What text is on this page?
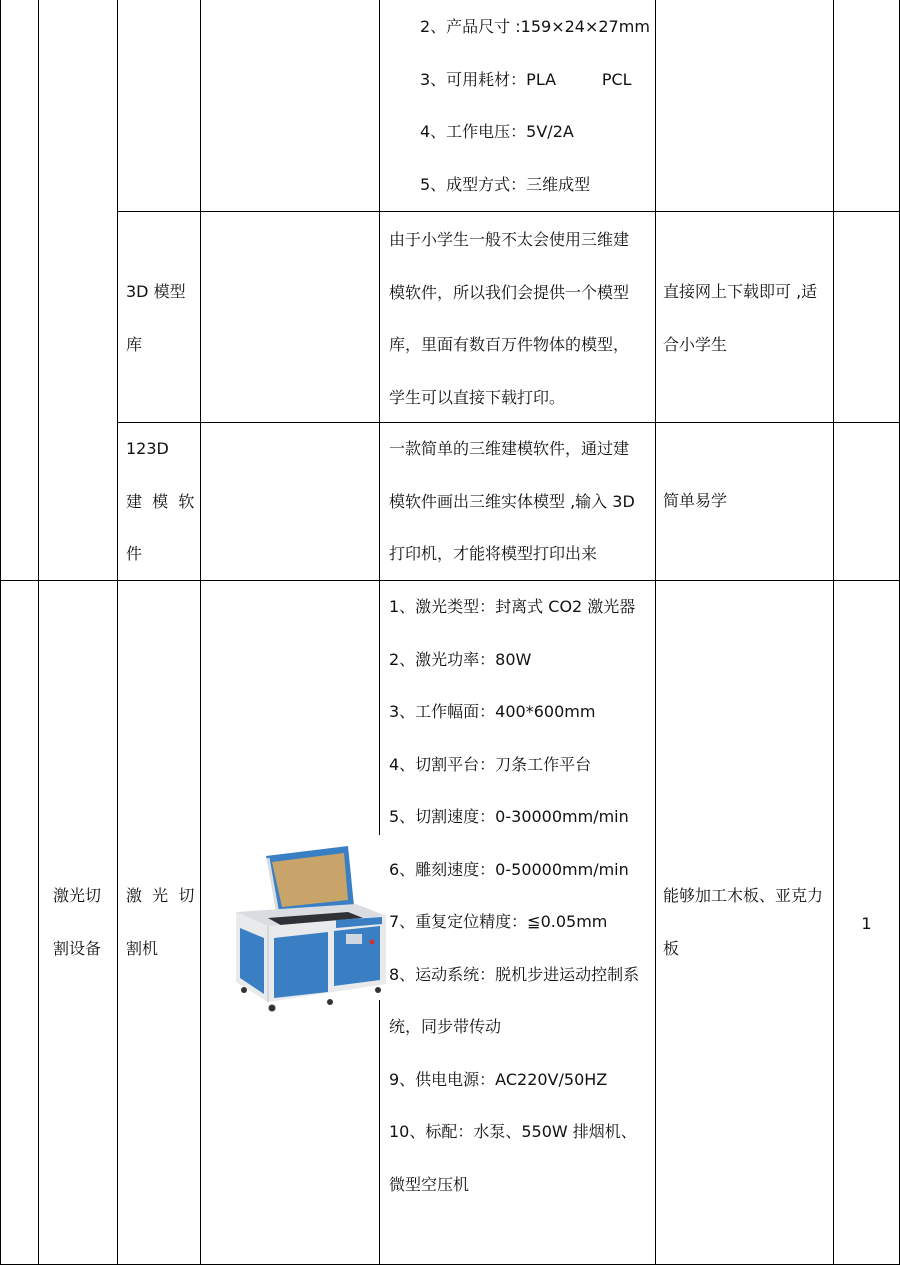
2、产品尺寸 :159×24×27mm
3、可用耗材：PLA         PCL
4、工作电压：5V/2A
5、成型方式：三维成型
3D 模型
库
由于小学生一般不太会使用三维建
模软件，所以我们会提供一个模型
库，里面有数百万件物体的模型，
学生可以直接下载打印。
直接网上下载即可 ,适
合小学生
123D
建  模  软
件
一款简单的三维建模软件，通过建
模软件画出三维实体模型 ,输入 3D
打印机，才能将模型打印出来
简单易学
激光切
割设备
激  光  切
割机
1、激光类型：封离式 CO2 激光器
2、激光功率：80W
3、工作幅面：400*600mm
4、切割平台：刀条工作平台
5、切割速度：0-30000mm/min
6、雕刻速度：0-50000mm/min
7、重复定位精度：≦0.05mm
8、运动系统：脱机步进运动控制系
统，同步带传动
9、供电电源：AC220V/50HZ
10、标配：水泵、550W 排烟机、
微型空压机
能够加工木板、亚克力
板
1
